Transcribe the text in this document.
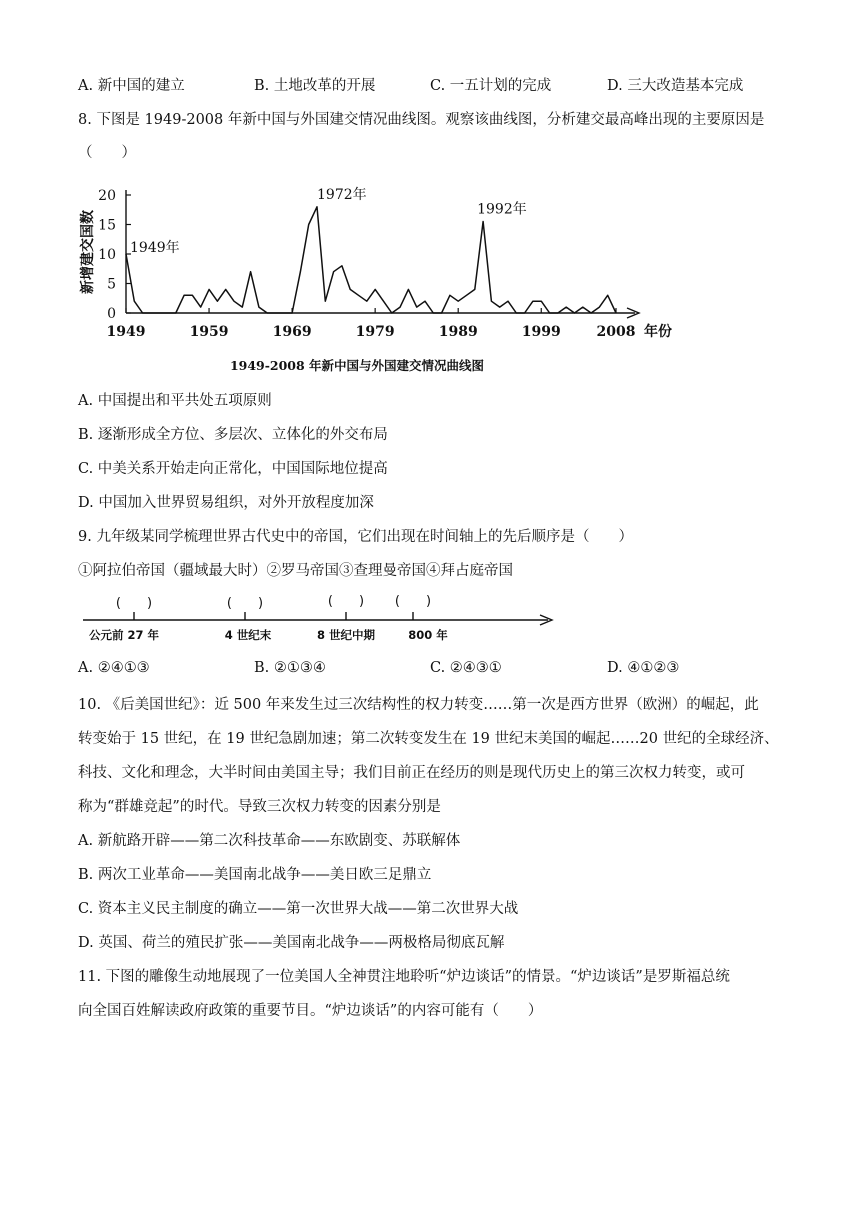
A. 新中国的建立	B. 土地改革的开展	C. 一五计划的完成	D. 三大改造基本完成
8. 下图是 1949-2008 年新中国与外国建交情况曲线图。观察该曲线图，分析建交最高峰出现的主要原因是
（　　）
0
5
10
15
20
1949	1959	1969	1979	1989	1999	2008
1949年
1972年
1992年
新增建交国数
年份
1949-2008 年新中国与外国建交情况曲线图
A. 中国提出和平共处五项原则
B. 逐渐形成全方位、多层次、立体化的外交布局
C. 中美关系开始走向正常化，中国国际地位提高
D. 中国加入世界贸易组织，对外开放程度加深
9. 九年级某同学梳理世界古代史中的帝国，它们出现在时间轴上的先后顺序是（　　）
①阿拉伯帝国（疆域最大时）②罗马帝国③查理曼帝国④拜占庭帝国
(　　)	(　　)	(　　) (　　)
公元前 27 年	4 世纪末	8 世纪中期	800 年
A. ②④①③	B. ②①③④	C. ②④③①	D. ④①②③
10. 《后美国世纪》：近 500 年来发生过三次结构性的权力转变……第一次是西方世界（欧洲）的崛起，此
转变始于 15 世纪，在 19 世纪急剧加速；第二次转变发生在 19 世纪末美国的崛起……20 世纪的全球经济、
科技、文化和理念，大半时间由美国主导；我们目前正在经历的则是现代历史上的第三次权力转变，或可
称为“群雄竞起”的时代。导致三次权力转变的因素分别是
A. 新航路开辟——第二次科技革命——东欧剧变、苏联解体
B. 两次工业革命——美国南北战争——美日欧三足鼎立
C. 资本主义民主制度的确立——第一次世界大战——第二次世界大战
D. 英国、荷兰的殖民扩张——美国南北战争——两极格局彻底瓦解
11. 下图的雕像生动地展现了一位美国人全神贯注地聆听“炉边谈话”的情景。“炉边谈话”是罗斯福总统
向全国百姓解读政府政策的重要节目。“炉边谈话”的内容可能有（　　）
